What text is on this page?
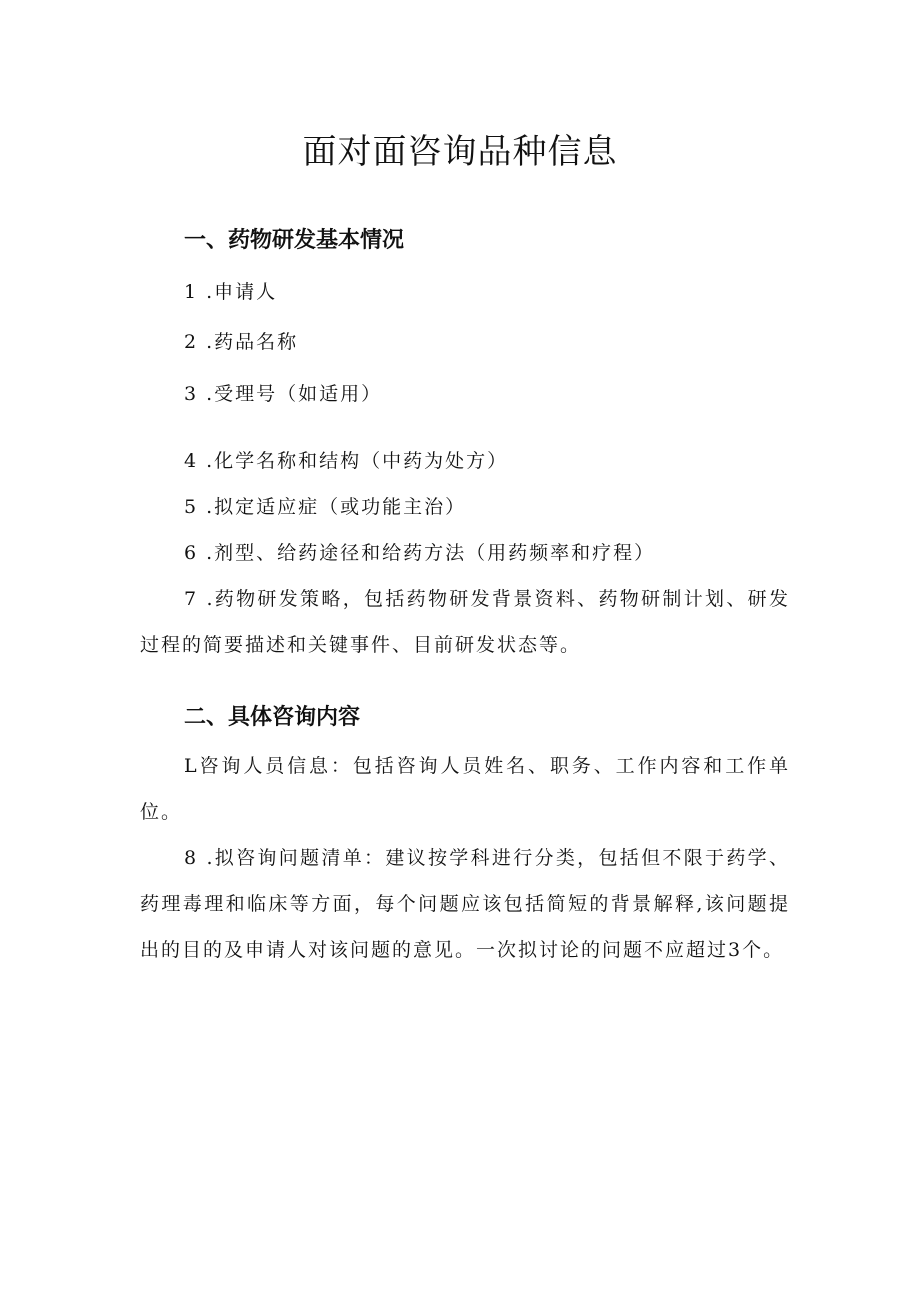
面对面咨询品种信息
一、药物研发基本情况
1 .申请人
2 .药品名称
3 .受理号（如适用）
4 .化学名称和结构（中药为处方）
5 .拟定适应症（或功能主治）
6 .剂型、给药途径和给药方法（用药频率和疗程）
7 .药物研发策略，包括药物研发背景资料、药物研制计划、研发过程的简要描述和关键事件、目前研发状态等。
二、具体咨询内容
L咨询人员信息：包括咨询人员姓名、职务、工作内容和工作单位。
8 .拟咨询问题清单：建议按学科进行分类，包括但不限于药学、药理毒理和临床等方面，每个问题应该包括简短的背景解释,该问题提出的目的及申请人对该问题的意见。一次拟讨论的问题不应超过3个。
